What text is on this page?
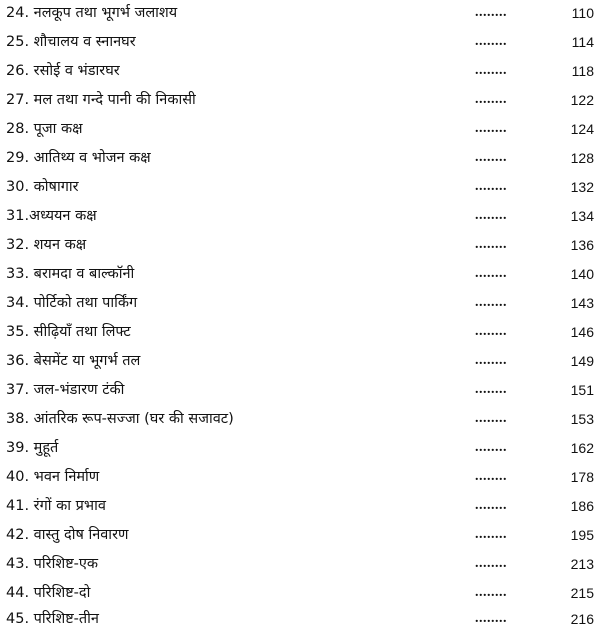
24. नलकूप तथा भूगर्भ जलाशय	........	110
25. शौचालय व स्नानघर	........	114
26. रसोई व भंडारघर	........	118
27. मल तथा गन्दे पानी की निकासी	........	122
28. पूजा कक्ष	........	124
29. आतिथ्य व भोजन कक्ष	........	128
30. कोषागार	........	132
31.अध्ययन कक्ष	........	134
32. शयन कक्ष	........	136
33. बरामदा व बाल्कॉनी	........	140
34. पोर्टिको तथा पार्किंग	........	143
35. सीढ़ियाँ तथा लिफ्ट	........	146
36. बेसमेंट या भूगर्भ तल	........	149
37. जल-भंडारण टंकी	........	151
38. आंतरिक रूप-सज्जा (घर की सजावट)	........	153
39. मुहूर्त	........	162
40. भवन निर्माण	........	178
41. रंगों का प्रभाव	........	186
42. वास्तु दोष निवारण	........	195
43. परिशिष्ट-एक	........	213
44. परिशिष्ट-दो	........	215
45. परिशिष्ट-तीन	........	216
